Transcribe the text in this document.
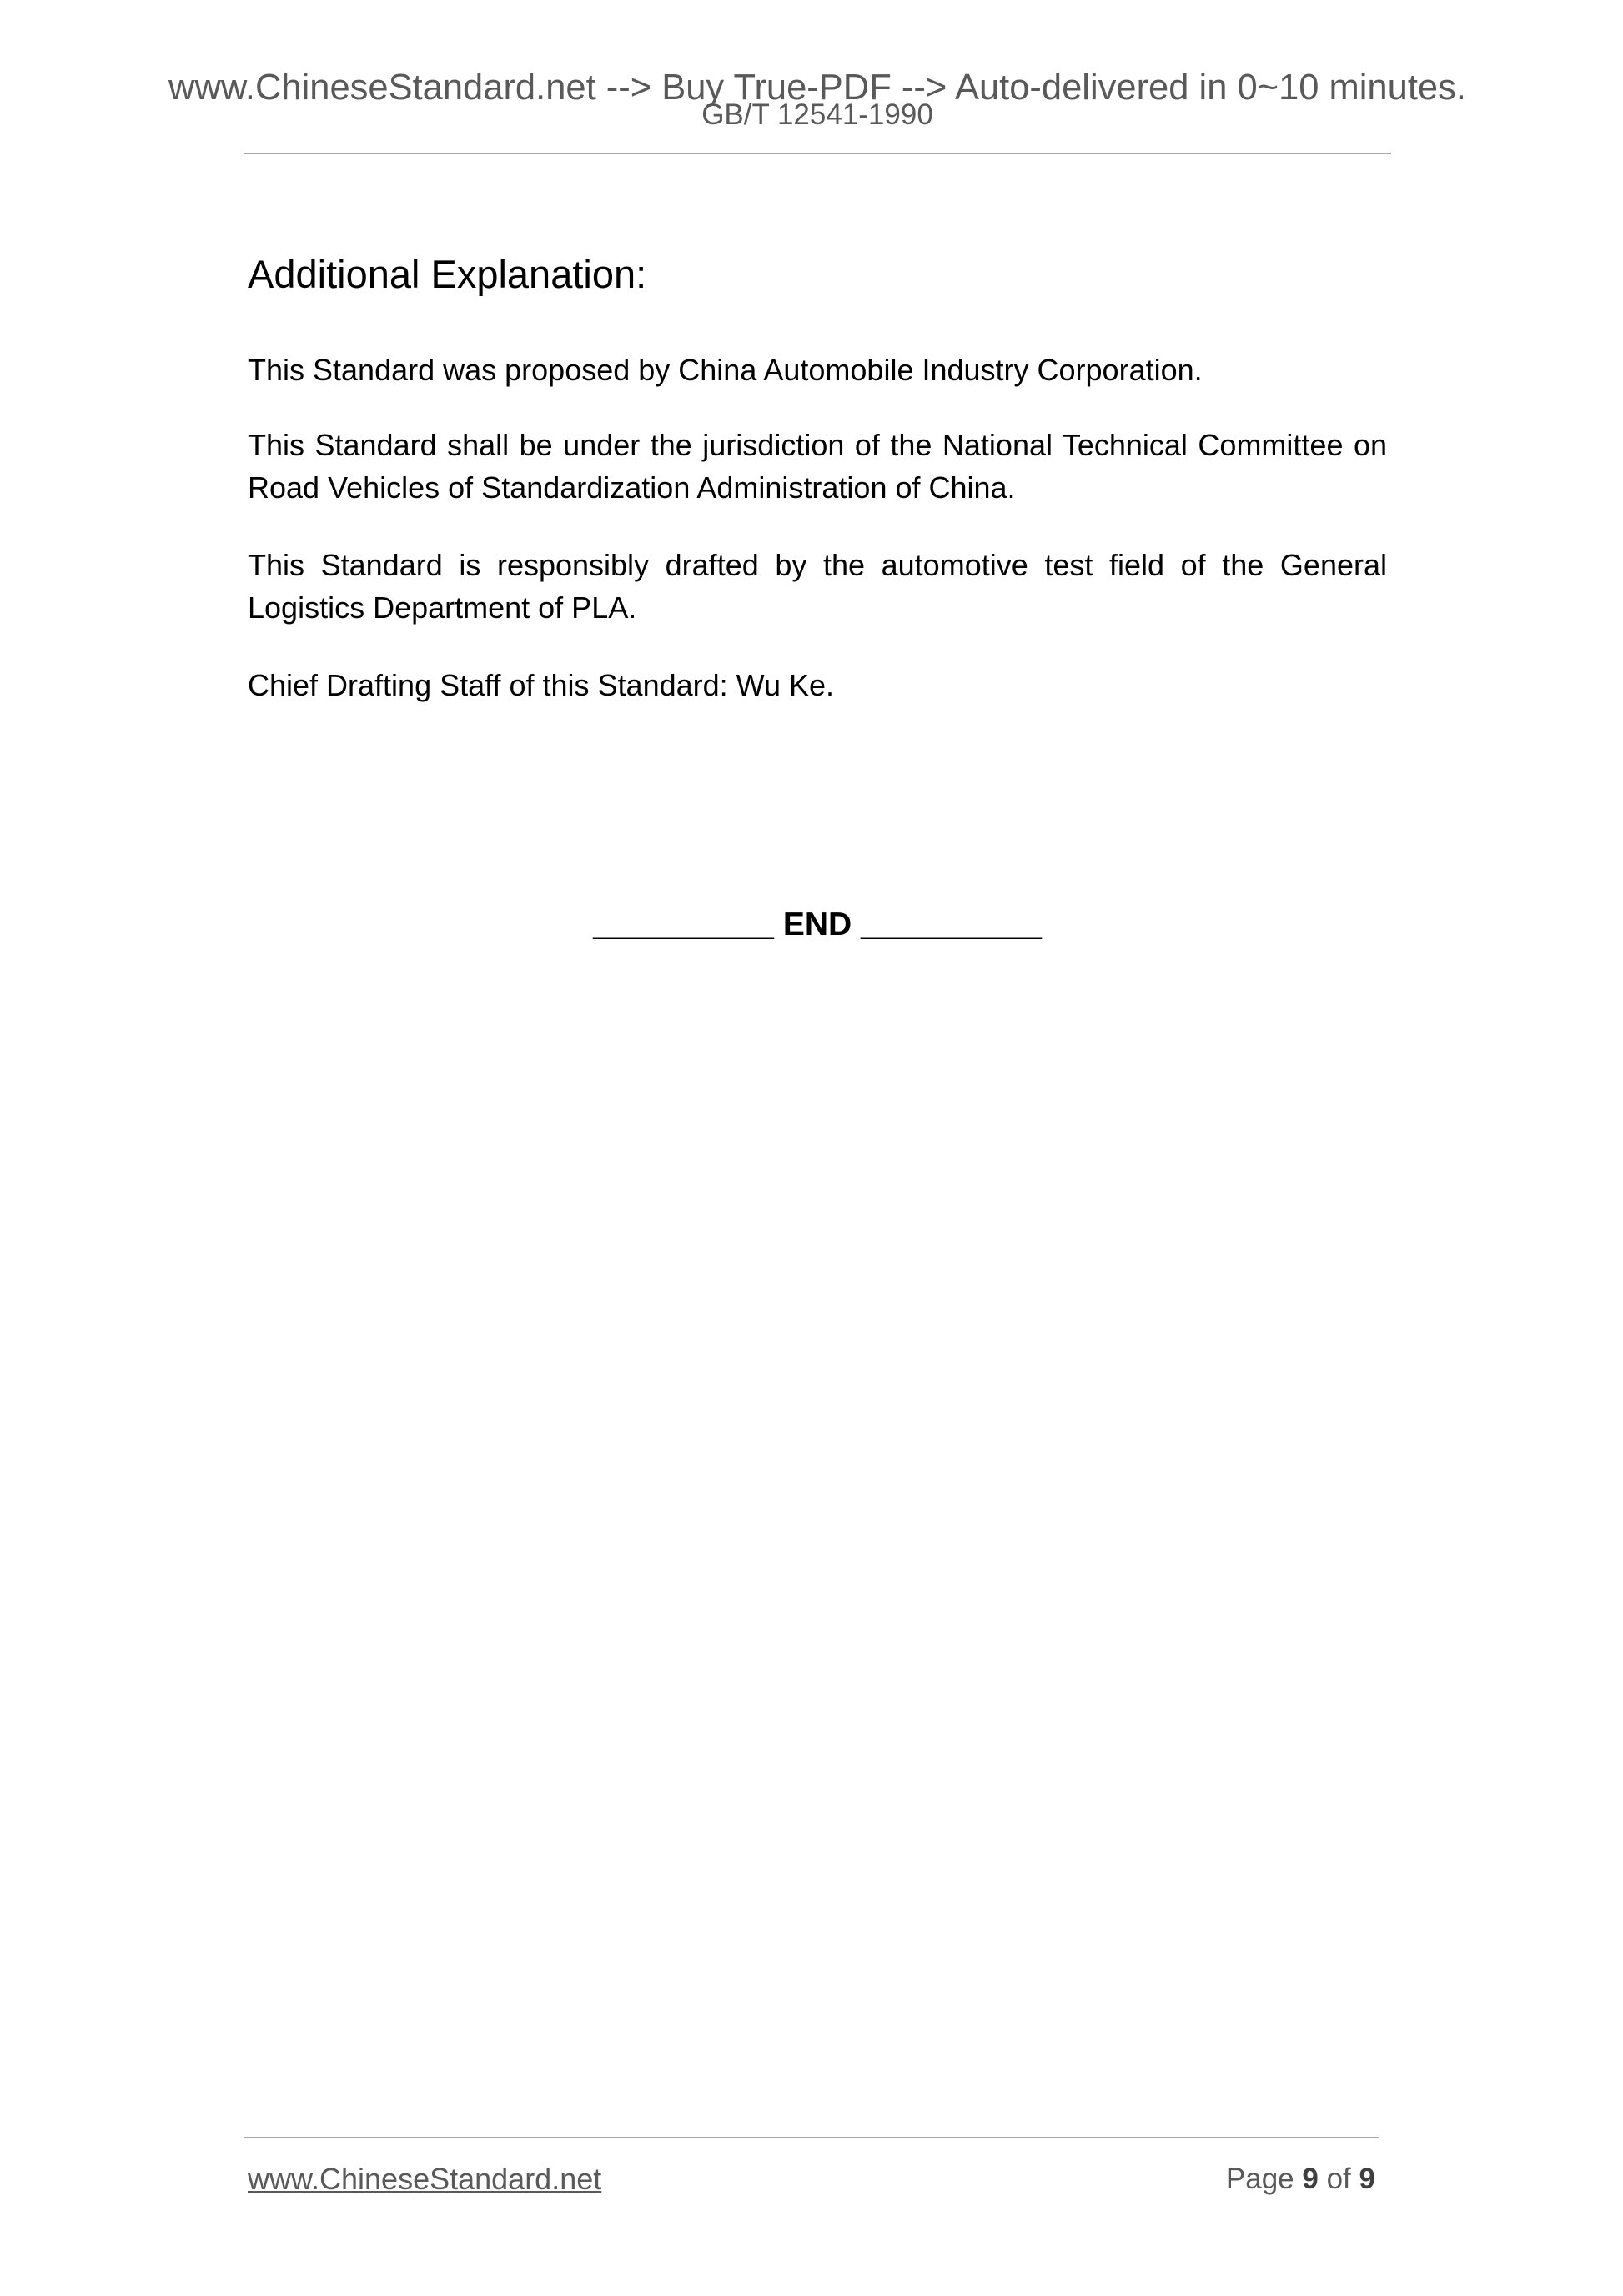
www.ChineseStandard.net --> Buy True-PDF --> Auto-delivered in 0~10 minutes.
GB/T 12541-1990
Additional Explanation:

This Standard was proposed by China Automobile Industry Corporation.

This Standard shall be under the jurisdiction of the National Technical Committee on Road Vehicles of Standardization Administration of China.

This Standard is responsibly drafted by the automotive test field of the General Logistics Department of PLA.

Chief Drafting Staff of this Standard: Wu Ke.

__________ END __________
www.ChineseStandard.net	Page 9 of 9
